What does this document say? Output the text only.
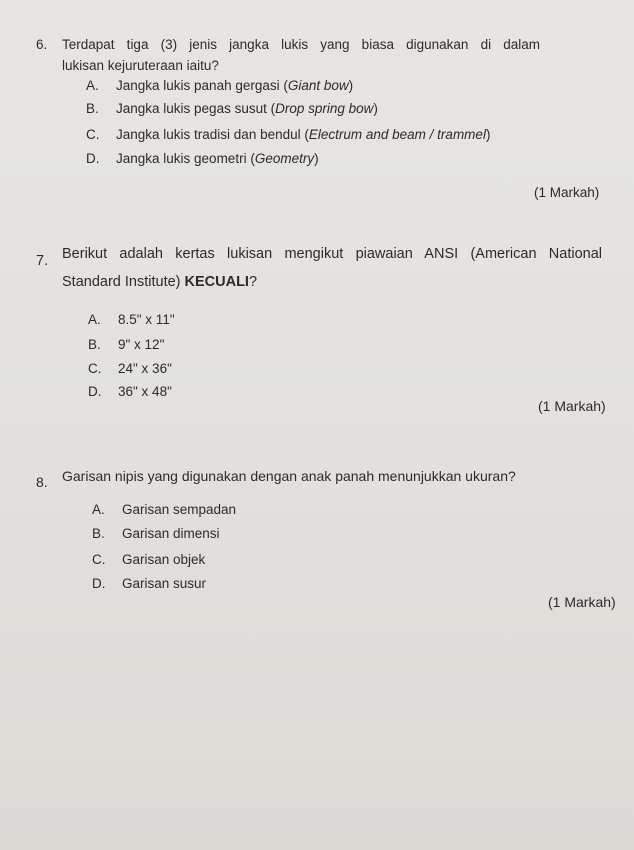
6. Terdapat tiga (3) jenis jangka lukis yang biasa digunakan di dalam
lukisan kejuruteraan iaitu?
A. Jangka lukis panah gergasi (Giant bow)
B. Jangka lukis pegas susut (Drop spring bow)
C. Jangka lukis tradisi dan bendul (Electrum and beam / trammel)
D. Jangka lukis geometri (Geometry)
(1 Markah)
7. Berikut adalah kertas lukisan mengikut piawaian ANSI (American National
Standard Institute) KECUALI?
A. 8.5" x 11"
B. 9" x 12"
C. 24" x 36"
D. 36" x 48"
(1 Markah)
8. Garisan nipis yang digunakan dengan anak panah menunjukkan ukuran?
A. Garisan sempadan
B. Garisan dimensi
C. Garisan objek
D. Garisan susur
(1 Markah)
